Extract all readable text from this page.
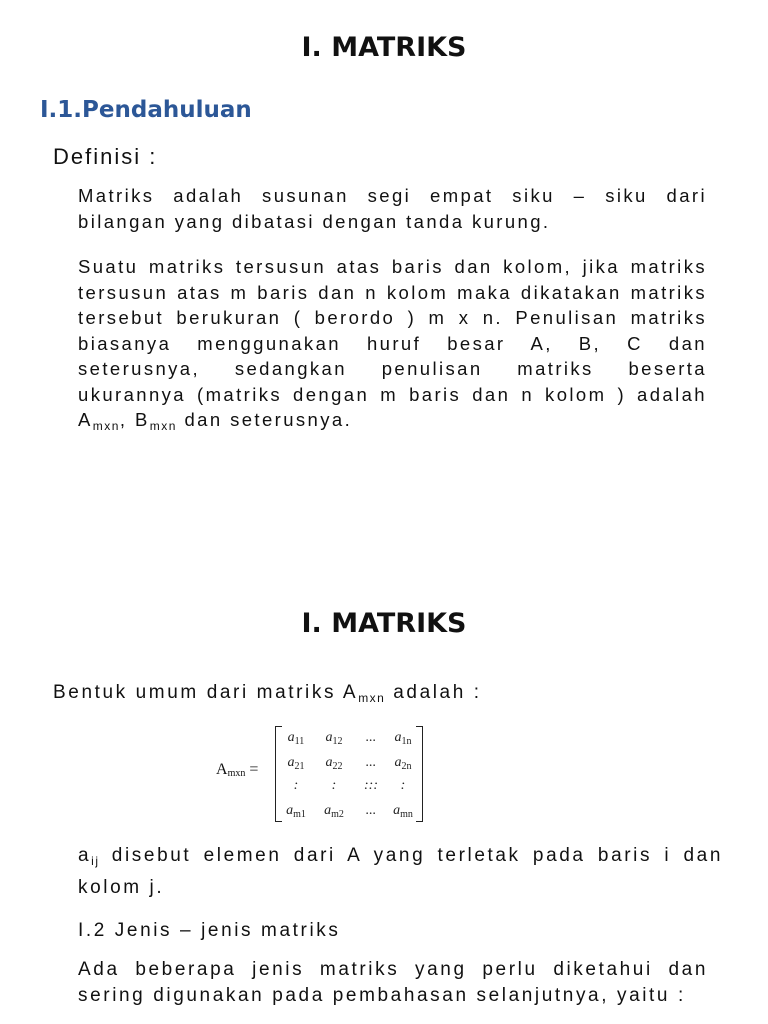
I. MATRIKS
I.1.Pendahuluan
Definisi :
Matriks adalah susunan segi empat siku – siku dari bilangan yang dibatasi dengan tanda kurung.
Suatu matriks tersusun atas baris dan kolom, jika matriks tersusun atas m baris dan n kolom maka dikatakan matriks tersebut berukuran ( berordo ) m x n. Penulisan matriks biasanya menggunakan huruf besar A, B, C dan seterusnya, sedangkan penulisan matriks beserta ukurannya (matriks dengan m baris dan n kolom ) adalah $A_{mxn}$, $B_{mxn}$ dan seterusnya.
I. MATRIKS
Bentuk umum dari matriks $A_{mxn}$ adalah :
Amxn =
$a_{11}$	$a_{12}$	...	$a_{1n}$
$a_{21}$	$a_{22}$	...	$a_{2n}$
:	:	:::	:
$a_{m1}$	$a_{m2}$	...	$a_{mn}$
$a_{ij}$ disebut elemen dari A yang terletak pada baris i dan kolom j.
I.2 Jenis – jenis matriks
Ada beberapa jenis matriks yang perlu diketahui dan sering digunakan pada pembahasan selanjutnya, yaitu :
